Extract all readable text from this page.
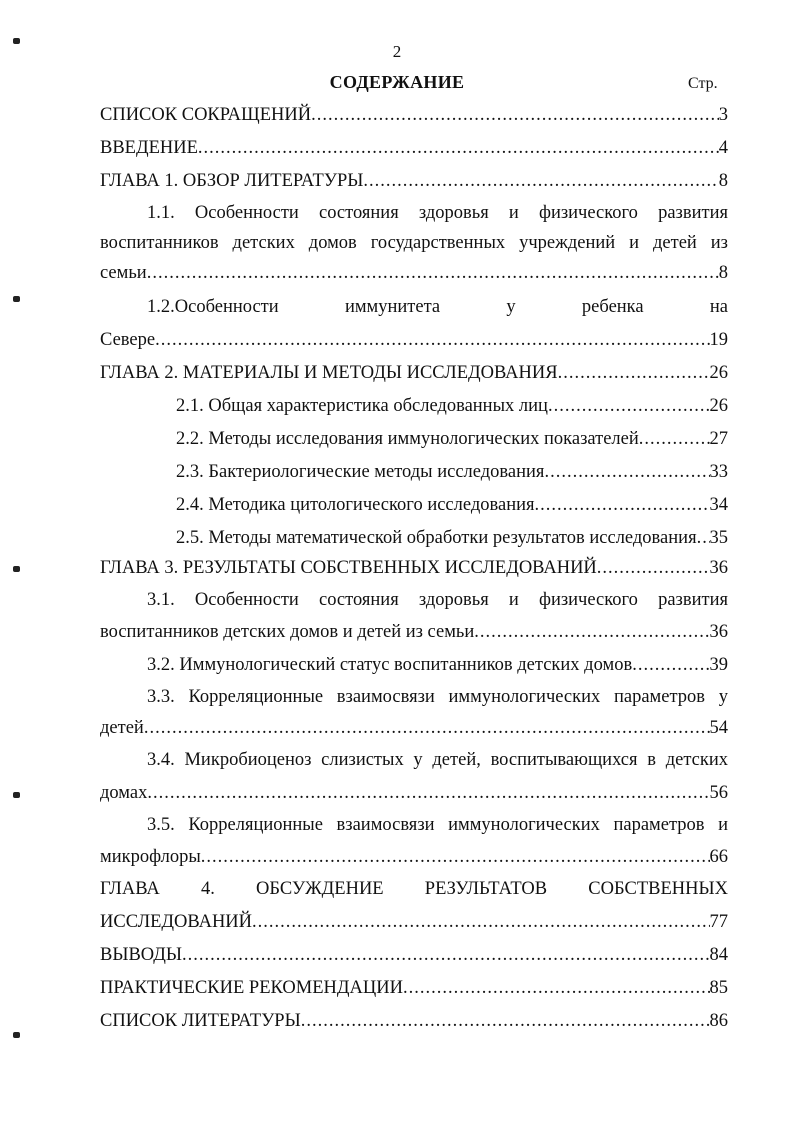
2
СОДЕРЖАНИЕ	Стр.
СПИСОК СОКРАЩЕНИЙ .....	3
ВВЕДЕНИЕ .....	4
ГЛАВА 1. ОБЗОР ЛИТЕРАТУРЫ .....	8
1.1. Особенности состояния здоровья и физического развития
воспитанников детских домов государственных учреждений и детей из
семьи .....	8
1.2.Особенности иммунитета у ребенка на
Севере .....	19
ГЛАВА 2. МАТЕРИАЛЫ И МЕТОДЫ ИССЛЕДОВАНИЯ .....	26
2.1. Общая характеристика обследованных лиц .....	26
2.2. Методы исследования иммунологических показателей .....	27
2.3. Бактериологические методы исследования .....	33
2.4. Методика цитологического исследования .....	34
2.5. Методы математической обработки результатов исследования ..... 35
ГЛАВА 3. РЕЗУЛЬТАТЫ СОБСТВЕННЫХ ИССЛЕДОВАНИЙ .....	36
3.1. Особенности состояния здоровья и физического развития
воспитанников детских домов и детей из семьи .....	36
3.2. Иммунологический статус воспитанников детских домов .....	39
3.3. Корреляционные взаимосвязи иммунологических параметров у
детей .....	54
3.4. Микробиоценоз слизистых у детей, воспитывающихся в детских
домах .....	56
3.5. Корреляционные взаимосвязи иммунологических параметров и
микрофлоры .....	66
ГЛАВА 4. ОБСУЖДЕНИЕ РЕЗУЛЬТАТОВ СОБСТВЕННЫХ
ИССЛЕДОВАНИЙ .....	77
ВЫВОДЫ .....	84
ПРАКТИЧЕСКИЕ РЕКОМЕНДАЦИИ .....	85
СПИСОК ЛИТЕРАТУРЫ .....	86
